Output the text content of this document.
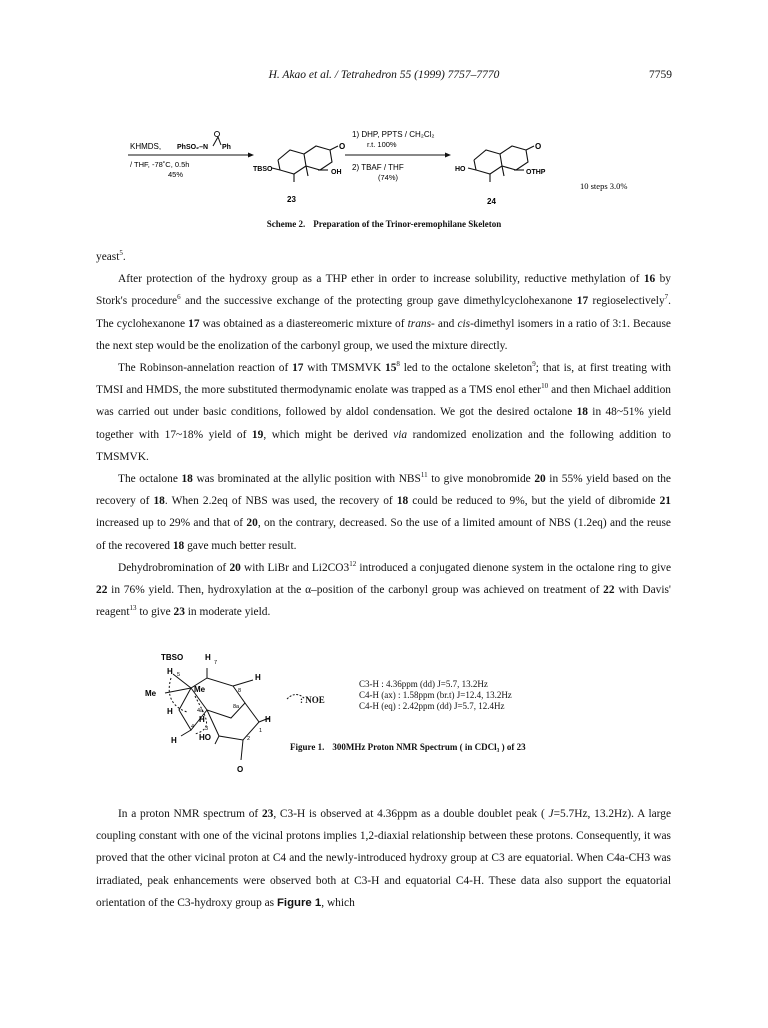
H. Akao et al. / Tetrahedron 55 (1999) 7757–7770	7759
KHMDS, PhSO₂–N Ph
/ THF, -78˚C, 0.5h
45%
TBSO	OH
O
23
1) DHP, PPTS / CH₂Cl₂
r.t. 100%
2) TBAF / THF
(74%)
HO	OTHP
O
24
10 steps 3.0%
Scheme 2. Preparation of the Trinor-eremophilane Skeleton

yeast$^5$.

After protection of the hydroxy group as a THP ether in order to increase solubility, reductive methylation of 16 by Stork's procedure$^6$ and the successive exchange of the protecting group gave dimethylcyclohexanone 17 regioselectively$^7$. The cyclohexanone 17 was obtained as a diastereomeric mixture of trans- and cis-dimethyl isomers in a ratio of 3:1. Because the next step would be the enolization of the carbonyl group, we used the mixture directly.

The Robinson-annelation reaction of 17 with TMSMVK $15^8$ led to the octalone skeleton$^9$; that is, at first treating with TMSI and HMDS, the more substituted thermodynamic enolate was trapped as a TMS enol ether$^{10}$ and then Michael addition was carried out under basic conditions, followed by aldol condensation. We got the desired octalone 18 in 48~51% yield together with 17~18% yield of 19, which might be derived via randomized enolization and the following addition to TMSMVK.

The octalone 18 was brominated at the allylic position with NBS$^{11}$ to give monobromide 20 in 55% yield based on the recovery of 18. When 2.2eq of NBS was used, the recovery of 18 could be reduced to 9%, but the yield of dibromide 21 increased up to 29% and that of 20, on the contrary, decreased. So the use of a limited amount of NBS (1.2eq) and the reuse of the recovered 18 gave much better result.

Dehydrobromination of 20 with LiBr and $Li2CO3^{12}$ introduced a conjugated dienone system in the octalone ring to give 22 in 76% yield. Then, hydroxylation at the α–position of the carbonyl group was achieved on treatment of 22 with Davis' reagent$^{13}$ to give 23 in moderate yield.

TBSO	H
7
H
H 5
Me	8
Me
8a
4a
H
H
3
4
H	HO	2
1
H
O
: NOE
C3-H : 4.36ppm (dd) J=5.7, 13.2Hz
C4-H (ax) : 1.58ppm (br.t) J=12.4, 13.2Hz
C4-H (eq) : 2.42ppm (dd) J=5.7, 12.4Hz
Figure 1. 300MHz Proton NMR Spectrum ( in CDCl₃ ) of 23

In a proton NMR spectrum of 23, C3-H is observed at 4.36ppm as a double doublet peak ( J=5.7Hz, 13.2Hz). A large coupling constant with one of the vicinal protons implies 1,2-diaxial relationship between these protons. Consequently, it was proved that the other vicinal proton at C4 and the newly-introduced hydroxy group at C3 are equatorial. When C4a-CH3 was irradiated, peak enhancements were observed both at C3-H and equatorial C4-H. These data also support the equatorial orientation of the C3-hydroxy group as Figure 1, which
